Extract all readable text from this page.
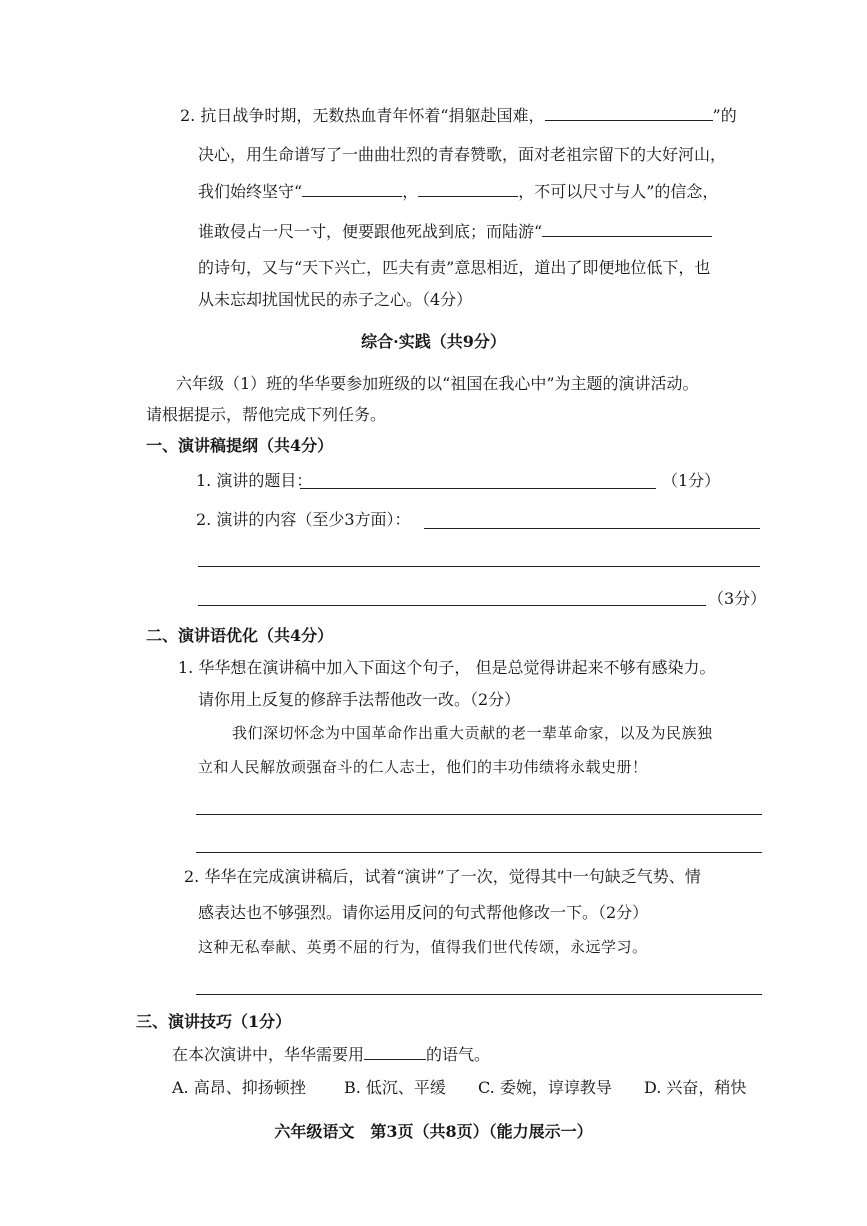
2. 抗日战争时期，无数热血青年怀着“捐躯赴国难，	”的
决心，用生命谱写了一曲曲壮烈的青春赞歌，面对老祖宗留下的大好河山，
我们始终坚守“	，	，不可以尺寸与人”的信念，
谁敢侵占一尺一寸，便要跟他死战到底；而陆游“
的诗句，又与“天下兴亡，匹夫有责”意思相近，道出了即便地位低下，也
从未忘却扰国忧民的赤子之心。（4分）
综合·实践（共9分）
六年级（1）班的华华要参加班级的以“祖国在我心中”为主题的演讲活动。
请根据提示，帮他完成下列任务。
一、演讲稿提纲（共4分）
1. 演讲的题目：	（1分）
2. 演讲的内容（至少3方面）：
（3分）
二、演讲语优化（共4分）
1. 华华想在演讲稿中加入下面这个句子， 但是总觉得讲起来不够有感染力。
请你用上反复的修辞手法帮他改一改。（2分）
我们深切怀念为中国革命作出重大贡献的老一辈革命家，以及为民族独
立和人民解放顽强奋斗的仁人志士，他们的丰功伟绩将永载史册！
2. 华华在完成演讲稿后，试着“演讲”了一次，觉得其中一句缺乏气势、情
感表达也不够强烈。请你运用反问的句式帮他修改一下。（2分）
这种无私奉献、英勇不屈的行为，值得我们世代传颂，永远学习。
三、演讲技巧（1分）
在本次演讲中，华华需要用	的语气。
A. 高昂、抑扬顿挫 B. 低沉、平缓 C. 委婉，谆谆教导 D. 兴奋，稍快
六年级语文　第3页（共8页）（能力展示一）
